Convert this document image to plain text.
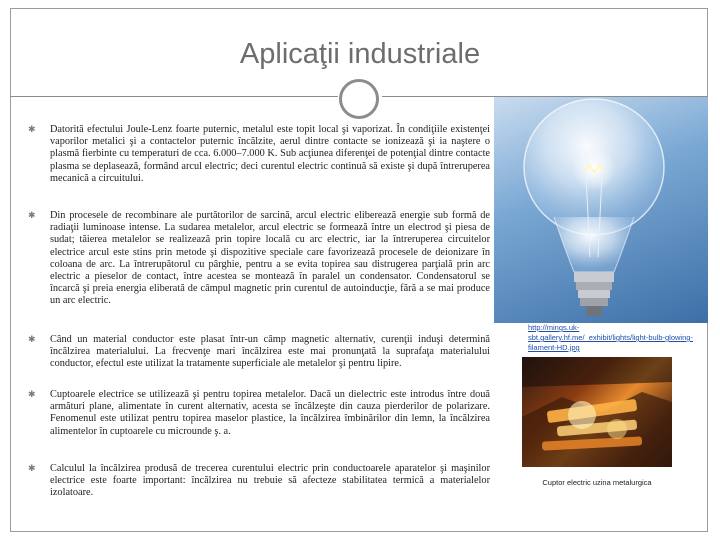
Aplicaţii industriale
✱	Datorită efectului Joule-Lenz foarte puternic, metalul este topit local şi vaporizat. În condiţiile existenţei vaporilor metalici şi a contactelor puternic încălzite, aerul dintre contacte se ionizează şi ia naştere o plasmă fierbinte cu temperaturi de cca. 6.000–7.000 K. Sub acţiunea diferenţei de potenţial dintre contacte plasma se deplasează, formând arcul electric; deci curentul electric continuă să existe şi după întreruperea mecanică a circuitului.
✱	Din procesele de recombinare ale purtătorilor de sarcină, arcul electric eliberează energie sub formă de radiaţii luminoase intense. La sudarea metalelor, arcul electric se formează între un electrod şi piesa de sudat; tăierea metalelor se realizează prin topire locală cu arc electric, iar la întreruperea circuitelor electrice arcul este stins prin metode şi dispozitive speciale care favorizează procesele de deionizare în coloana de arc. La întrerupătorul cu pârghie, pentru a se evita topirea sau distrugerea parţială prin arc electric a pieselor de contact, între acestea se montează în paralel un condensator. Condensatorul se încarcă şi preia energia eliberată de câmpul magnetic prin curentul de autoinducţie, fără a se mai produce un arc electric.
✱	Când un material conductor este plasat într-un câmp magnetic alternativ, curenţii induşi determină încălzirea materialului. La frecvenţe mari încălzirea este mai pronunţată la suprafaţa materialului conductor, efectul este utilizat la tratamente superficiale ale metalelor şi pentru lipire.
✱	Cuptoarele electrice se utilizează şi pentru topirea metalelor. Dacă un dielectric este introdus între două armături plane, alimentate în curent alternativ, acesta se încălzeşte din cauza pierderilor de polarizare. Fenomenul este utilizat pentru topirea maselor plastice, la încălzirea îmbinărilor din lemn, la încălzirea alimentelor în cuptoarele cu microunde ş. a.
✱	Calculul la încălzirea produsă de trecerea curentului electric prin conductoarele aparatelor şi maşinilor electrice este foarte important: încălzirea nu trebuie să afecteze stabilitatea termică a materialelor izolatoare.
http://mings.uk-sbt.gallery.hf.me/_exhibit/lights/light-bulb-glowing-filament-HD.jpg
Cuptor electric uzina metalurgica
